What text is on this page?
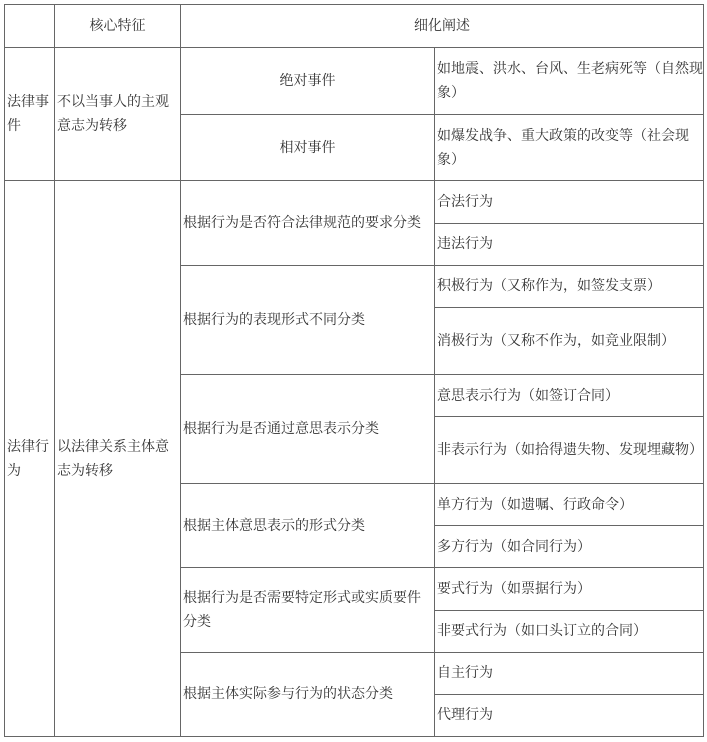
	核心特征	细化阐述	
法律事件	不以当事人的主观意志为转移	绝对事件	如地震、洪水、台风、生老病死等（自然现象）
		相对事件	如爆发战争、重大政策的改变等（社会现象）
法律行为	以法律关系主体意志为转移	根据行为是否符合法律规范的要求分类	合法行为
			违法行为
		根据行为的表现形式不同分类	积极行为（又称作为，如签发支票）
			消极行为（又称不作为，如竞业限制）
		根据行为是否通过意思表示分类	意思表示行为（如签订合同）
			非表示行为（如拾得遗失物、发现埋藏物）
		根据主体意思表示的形式分类	单方行为（如遗嘱、行政命令）
			多方行为（如合同行为）
		根据行为是否需要特定形式或实质要件分类	要式行为（如票据行为）
			非要式行为（如口头订立的合同）
		根据主体实际参与行为的状态分类	自主行为
			代理行为
